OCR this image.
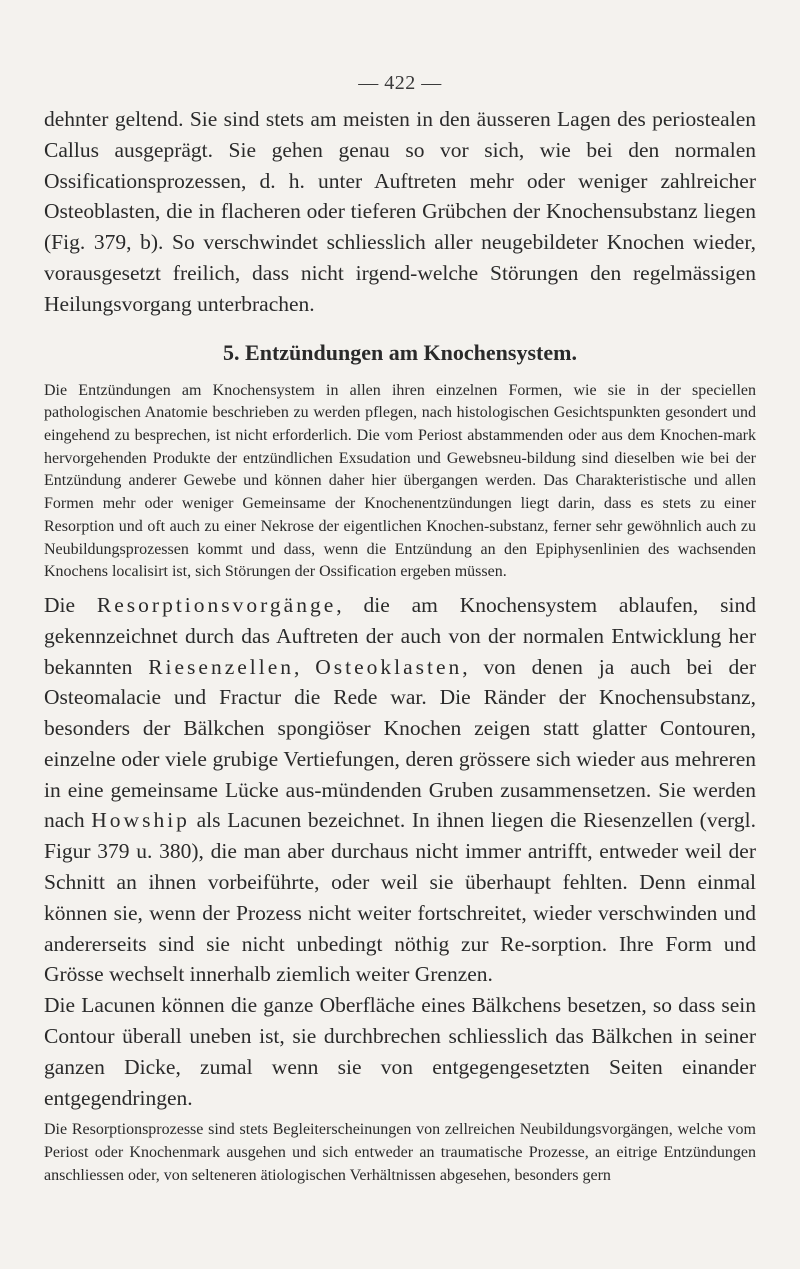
— 422 —

dehnter geltend. Sie sind stets am meisten in den äusseren Lagen des periostealen Callus ausgeprägt. Sie gehen genau so vor sich, wie bei den normalen Ossificationsprozessen, d. h. unter Auftreten mehr oder weniger zahlreicher Osteoblasten, die in flacheren oder tieferen Grübchen der Knochensubstanz liegen (Fig. 379, b). So verschwindet schliesslich aller neugebildeter Knochen wieder, vorausgesetzt freilich, dass nicht irgend-welche Störungen den regelmässigen Heilungsvorgang unterbrachen.

5. Entzündungen am Knochensystem.

Die Entzündungen am Knochensystem in allen ihren einzelnen Formen, wie sie in der speciellen pathologischen Anatomie beschrieben zu werden pflegen, nach histologischen Gesichtspunkten gesondert und eingehend zu besprechen, ist nicht erforderlich. Die vom Periost abstammenden oder aus dem Knochen-mark hervorgehenden Produkte der entzündlichen Exsudation und Gewebsneu-bildung sind dieselben wie bei der Entzündung anderer Gewebe und können daher hier übergangen werden. Das Charakteristische und allen Formen mehr oder weniger Gemeinsame der Knochenentzündungen liegt darin, dass es stets zu einer Resorption und oft auch zu einer Nekrose der eigentlichen Knochen-substanz, ferner sehr gewöhnlich auch zu Neubildungsprozessen kommt und dass, wenn die Entzündung an den Epiphysenlinien des wachsenden Knochens localisirt ist, sich Störungen der Ossification ergeben müssen.

Die Resorptionsvorgänge, die am Knochensystem ablaufen, sind gekennzeichnet durch das Auftreten der auch von der normalen Entwicklung her bekannten Riesenzellen, Osteoklasten, von denen ja auch bei der Osteomalacie und Fractur die Rede war. Die Ränder der Knochensubstanz, besonders der Bälkchen spongiöser Knochen zeigen statt glatter Contouren, einzelne oder viele grubige Vertiefungen, deren grössere sich wieder aus mehreren in eine gemeinsame Lücke aus-mündenden Gruben zusammensetzen. Sie werden nach Howship als Lacunen bezeichnet. In ihnen liegen die Riesenzellen (vergl. Figur 379 u. 380), die man aber durchaus nicht immer antrifft, entweder weil der Schnitt an ihnen vorbeiführte, oder weil sie überhaupt fehlten. Denn einmal können sie, wenn der Prozess nicht weiter fortschreitet, wieder verschwinden und andererseits sind sie nicht unbedingt nöthig zur Re-sorption. Ihre Form und Grösse wechselt innerhalb ziemlich weiter Grenzen.

Die Lacunen können die ganze Oberfläche eines Bälkchens besetzen, so dass sein Contour überall uneben ist, sie durchbrechen schliesslich das Bälkchen in seiner ganzen Dicke, zumal wenn sie von entgegengesetzten Seiten einander entgegendringen.

Die Resorptionsprozesse sind stets Begleiterscheinungen von zellreichen Neubildungsvorgängen, welche vom Periost oder Knochenmark ausgehen und sich entweder an traumatische Prozesse, an eitrige Entzündungen anschliessen oder, von selteneren ätiologischen Verhältnissen abgesehen, besonders gern
